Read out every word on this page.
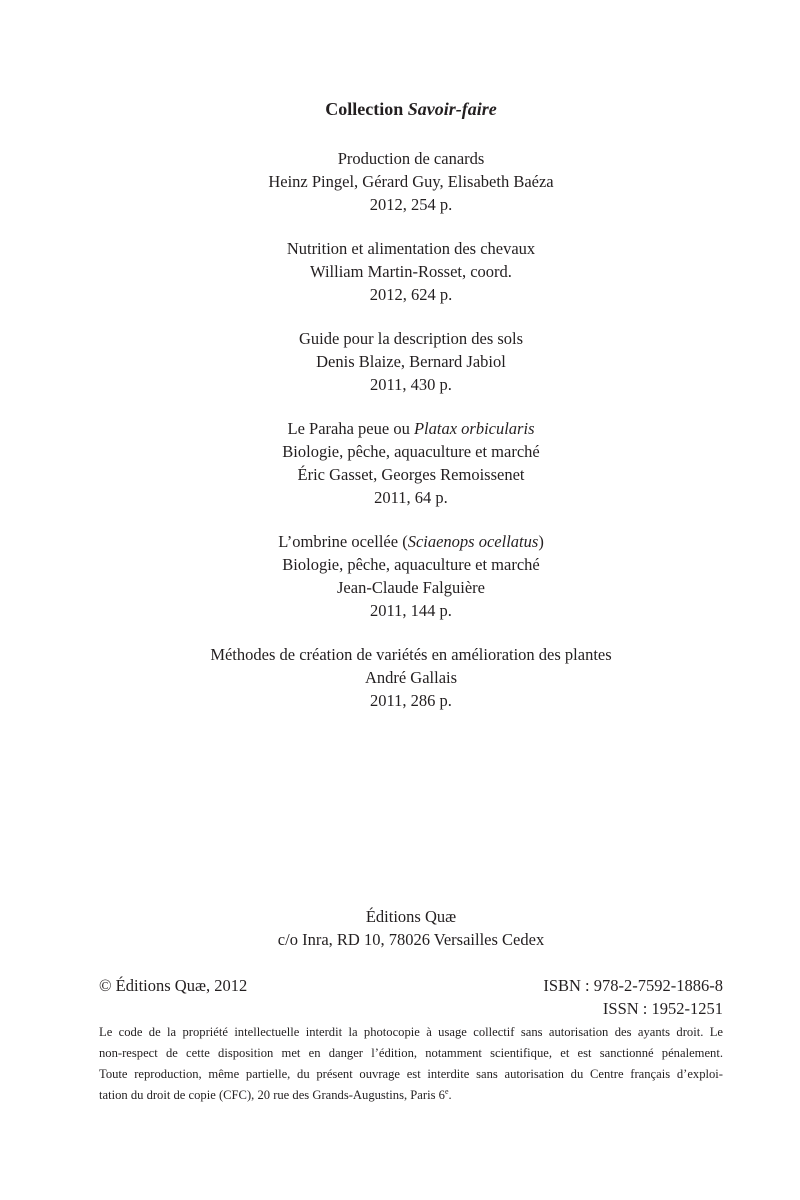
Collection Savoir-faire
Production de canards
Heinz Pingel, Gérard Guy, Elisabeth Baéza
2012, 254 p.
Nutrition et alimentation des chevaux
William Martin-Rosset, coord.
2012, 624 p.
Guide pour la description des sols
Denis Blaize, Bernard Jabiol
2011, 430 p.
Le Paraha peue ou Platax orbicularis
Biologie, pêche, aquaculture et marché
Éric Gasset, Georges Remoissenet
2011, 64 p.
L’ombrine ocellée (Sciaenops ocellatus)
Biologie, pêche, aquaculture et marché
Jean-Claude Falguière
2011, 144 p.
Méthodes de création de variétés en amélioration des plantes
André Gallais
2011, 286 p.
Éditions Quæ
c/o Inra, RD 10, 78026 Versailles Cedex
© Éditions Quæ, 2012	ISBN : 978-2-7592-1886-8
ISSN : 1952-1251
Le code de la propriété intellectuelle interdit la photocopie à usage collectif sans autorisation des ayants droit. Le
non-respect de cette disposition met en danger l’édition, notamment scientifique, et est sanctionné pénalement.
Toute reproduction, même partielle, du présent ouvrage est interdite sans autorisation du Centre français d’exploi-
tation du droit de copie (CFC), 20 rue des Grands-Augustins, Paris 6e.
